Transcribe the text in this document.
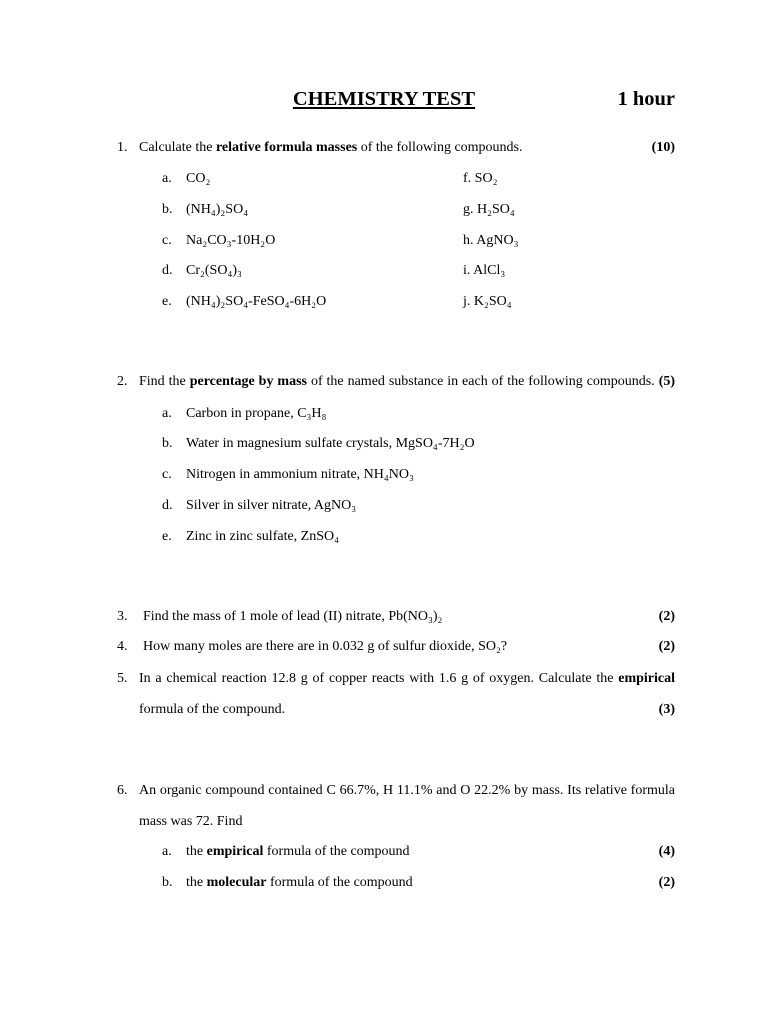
CHEMISTRY TEST	1 hour
1. Calculate the relative formula masses of the following compounds.	(10)
a. CO₂	f. SO₂
b. (NH₄)₂SO₄	g. H₂SO₄
c. Na₂CO₃-10H₂O	h. AgNO₃
d. Cr₂(SO₄)₃	i. AlCl₃
e. (NH₄)₂SO₄-FeSO₄-6H₂O	j. K₂SO₄
2. Find the percentage by mass of the named substance in each of the following compounds. (5)
a. Carbon in propane, C₃H₈
b. Water in magnesium sulfate crystals, MgSO₄-7H₂O
c. Nitrogen in ammonium nitrate, NH₄NO₃
d. Silver in silver nitrate, AgNO₃
e. Zinc in zinc sulfate, ZnSO₄
3. Find the mass of 1 mole of lead (II) nitrate, Pb(NO₃)₂	(2)
4. How many moles are there are in 0.032 g of sulfur dioxide, SO₂?	(2)
5. In a chemical reaction 12.8 g of copper reacts with 1.6 g of oxygen. Calculate the empirical
formula of the compound.	(3)
6. An organic compound contained C 66.7%, H 11.1% and O 22.2% by mass. Its relative formula
mass was 72. Find
a. the empirical formula of the compound	(4)
b. the molecular formula of the compound	(2)
